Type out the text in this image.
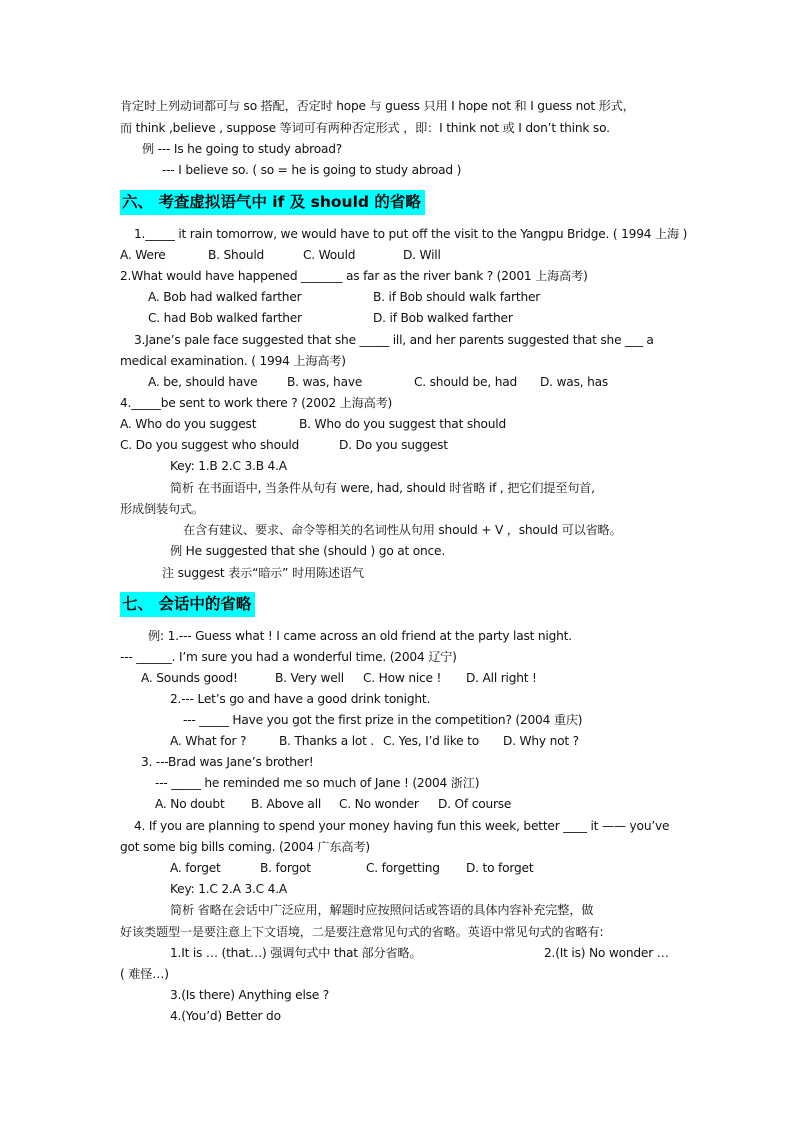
肯定时上列动词都可与 so 搭配，否定时 hope 与 guess 只用 I hope not 和 I guess not 形式，
而 think ,believe , suppose 等词可有两种否定形式 ，即：I think not 或 I don’t think so.
例 --- Is he going to study abroad?
--- I believe so. ( so = he is going to study abroad )
六、 考查虚拟语气中 if 及 should 的省略
1._____ it rain tomorrow, we would have to put off the visit to the Yangpu Bridge. ( 1994 上海 )
A. Were	B. Should	C. Would	D. Will
2.What would have happened _______ as far as the river bank ? (2001 上海高考)
A. Bob had walked farther	B. if Bob should walk farther
C. had Bob walked farther	D. if Bob walked farther
3.Jane’s pale face suggested that she _____ ill, and her parents suggested that she ___ a
medical examination. ( 1994 上海高考)
A. be, should have B. was, have	C. should be, had D. was, has
4._____be sent to work there ? (2002 上海高考)
A. Who do you suggest	B. Who do you suggest that should
C. Do you suggest who should	D. Do you suggest
Key: 1.B 2.C 3.B 4.A
简析 在书面语中, 当条件从句有 were, had, should 时省略 if , 把它们提至句首,
形成倒装句式。
在含有建议、要求、命令等相关的名词性从句用 should + V ，should 可以省略。
例 He suggested that she (should ) go at once.
注 suggest 表示“暗示” 时用陈述语气
七、 会话中的省略
例: 1.--- Guess what ! I came across an old friend at the party last night.
--- ______. I’m sure you had a wonderful time. (2004 辽宁)
A. Sounds good!	B. Very well C. How nice ! D. All right !
2.--- Let’s go and have a good drink tonight.
--- _____ Have you got the first prize in the competition? (2004 重庆)
A. What for ?	B. Thanks a lot . C. Yes, I’d like to D. Why not ?
3. ---Brad was Jane’s brother!
--- _____ he reminded me so much of Jane ! (2004 浙江)
A. No doubt B. Above all C. No wonder D. Of course
4. If you are planning to spend your money having fun this week, better ____ it —— you’ve
got some big bills coming. (2004 广东高考)
A. forget	B. forgot	C. forgetting D. to forget
Key: 1.C 2.A 3.C 4.A
简析 省略在会话中广泛应用，解题时应按照问话或答语的具体内容补充完整，做
好该类题型一是要注意上下文语境，二是要注意常见句式的省略。英语中常见句式的省略有:
1.It is … (that…) 强调句式中 that 部分省略。	2.(It is) No wonder …
( 难怪…)
3.(Is there) Anything else ?
4.(You’d) Better do
